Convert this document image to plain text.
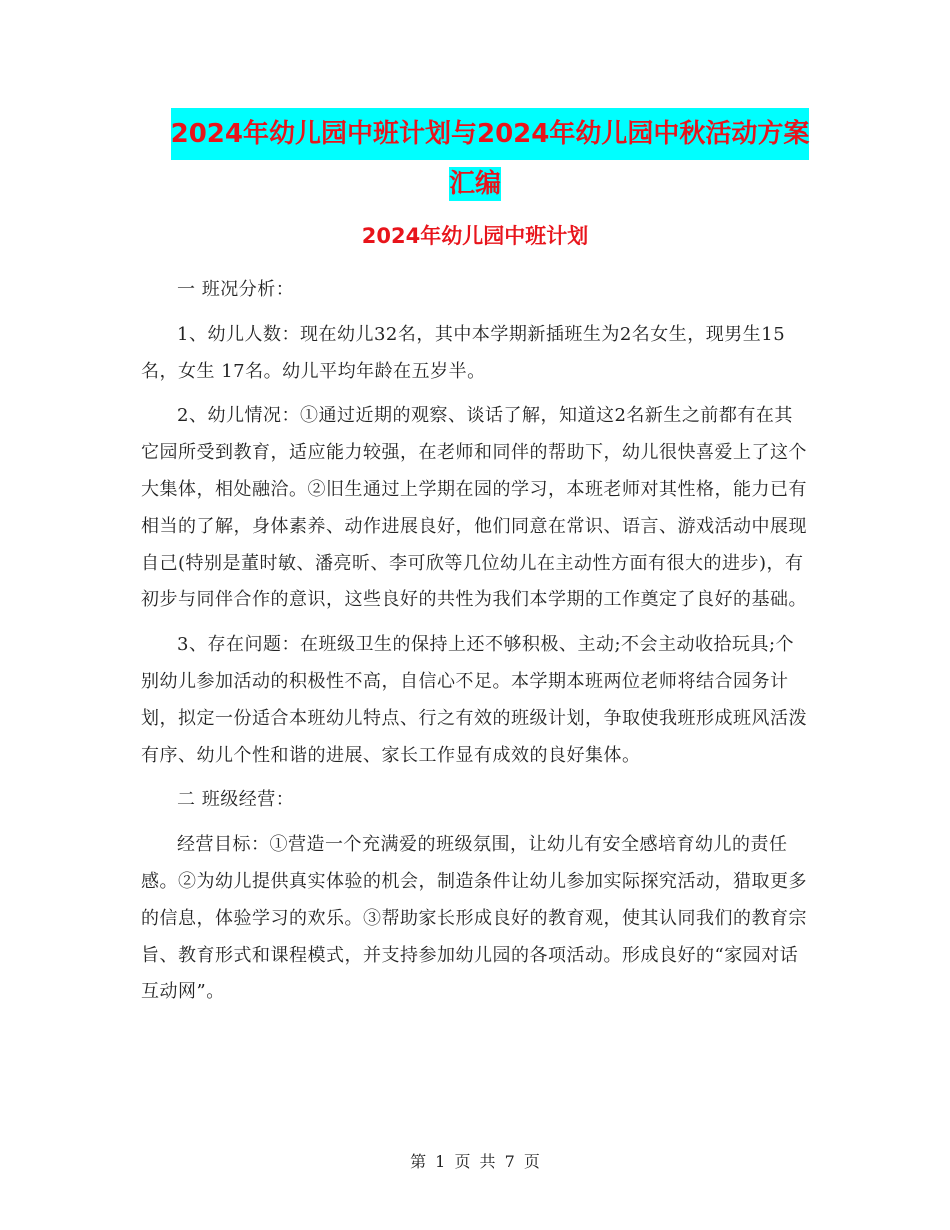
2024年幼儿园中班计划与2024年幼儿园中秋活动方案
汇编
2024年幼儿园中班计划

一 班况分析：

1、幼儿人数：现在幼儿32名，其中本学期新插班生为2名女生，现男生15名，女生 17名。幼儿平均年龄在五岁半。

2、幼儿情况：①通过近期的观察、谈话了解，知道这2名新生之前都有在其它园所受到教育，适应能力较强，在老师和同伴的帮助下，幼儿很快喜爱上了这个大集体，相处融洽。②旧生通过上学期在园的学习，本班老师对其性格，能力已有相当的了解，身体素养、动作进展良好，他们同意在常识、语言、游戏活动中展现自己(特别是董时敏、潘亮昕、李可欣等几位幼儿在主动性方面有很大的进步)，有初步与同伴合作的意识，这些良好的共性为我们本学期的工作奠定了良好的基础。

3、存在问题：在班级卫生的保持上还不够积极、主动;不会主动收拾玩具;个别幼儿参加活动的积极性不高，自信心不足。本学期本班两位老师将结合园务计划，拟定一份适合本班幼儿特点、行之有效的班级计划，争取使我班形成班风活泼有序、幼儿个性和谐的进展、家长工作显有成效的良好集体。

二 班级经营：

经营目标：①营造一个充满爱的班级氛围，让幼儿有安全感培育幼儿的责任感。②为幼儿提供真实体验的机会，制造条件让幼儿参加实际探究活动，猎取更多的信息，体验学习的欢乐。③帮助家长形成良好的教育观，使其认同我们的教育宗旨、教育形式和课程模式，并支持参加幼儿园的各项活动。形成良好的“家园对话互动网”。

第 1 页 共 7 页
